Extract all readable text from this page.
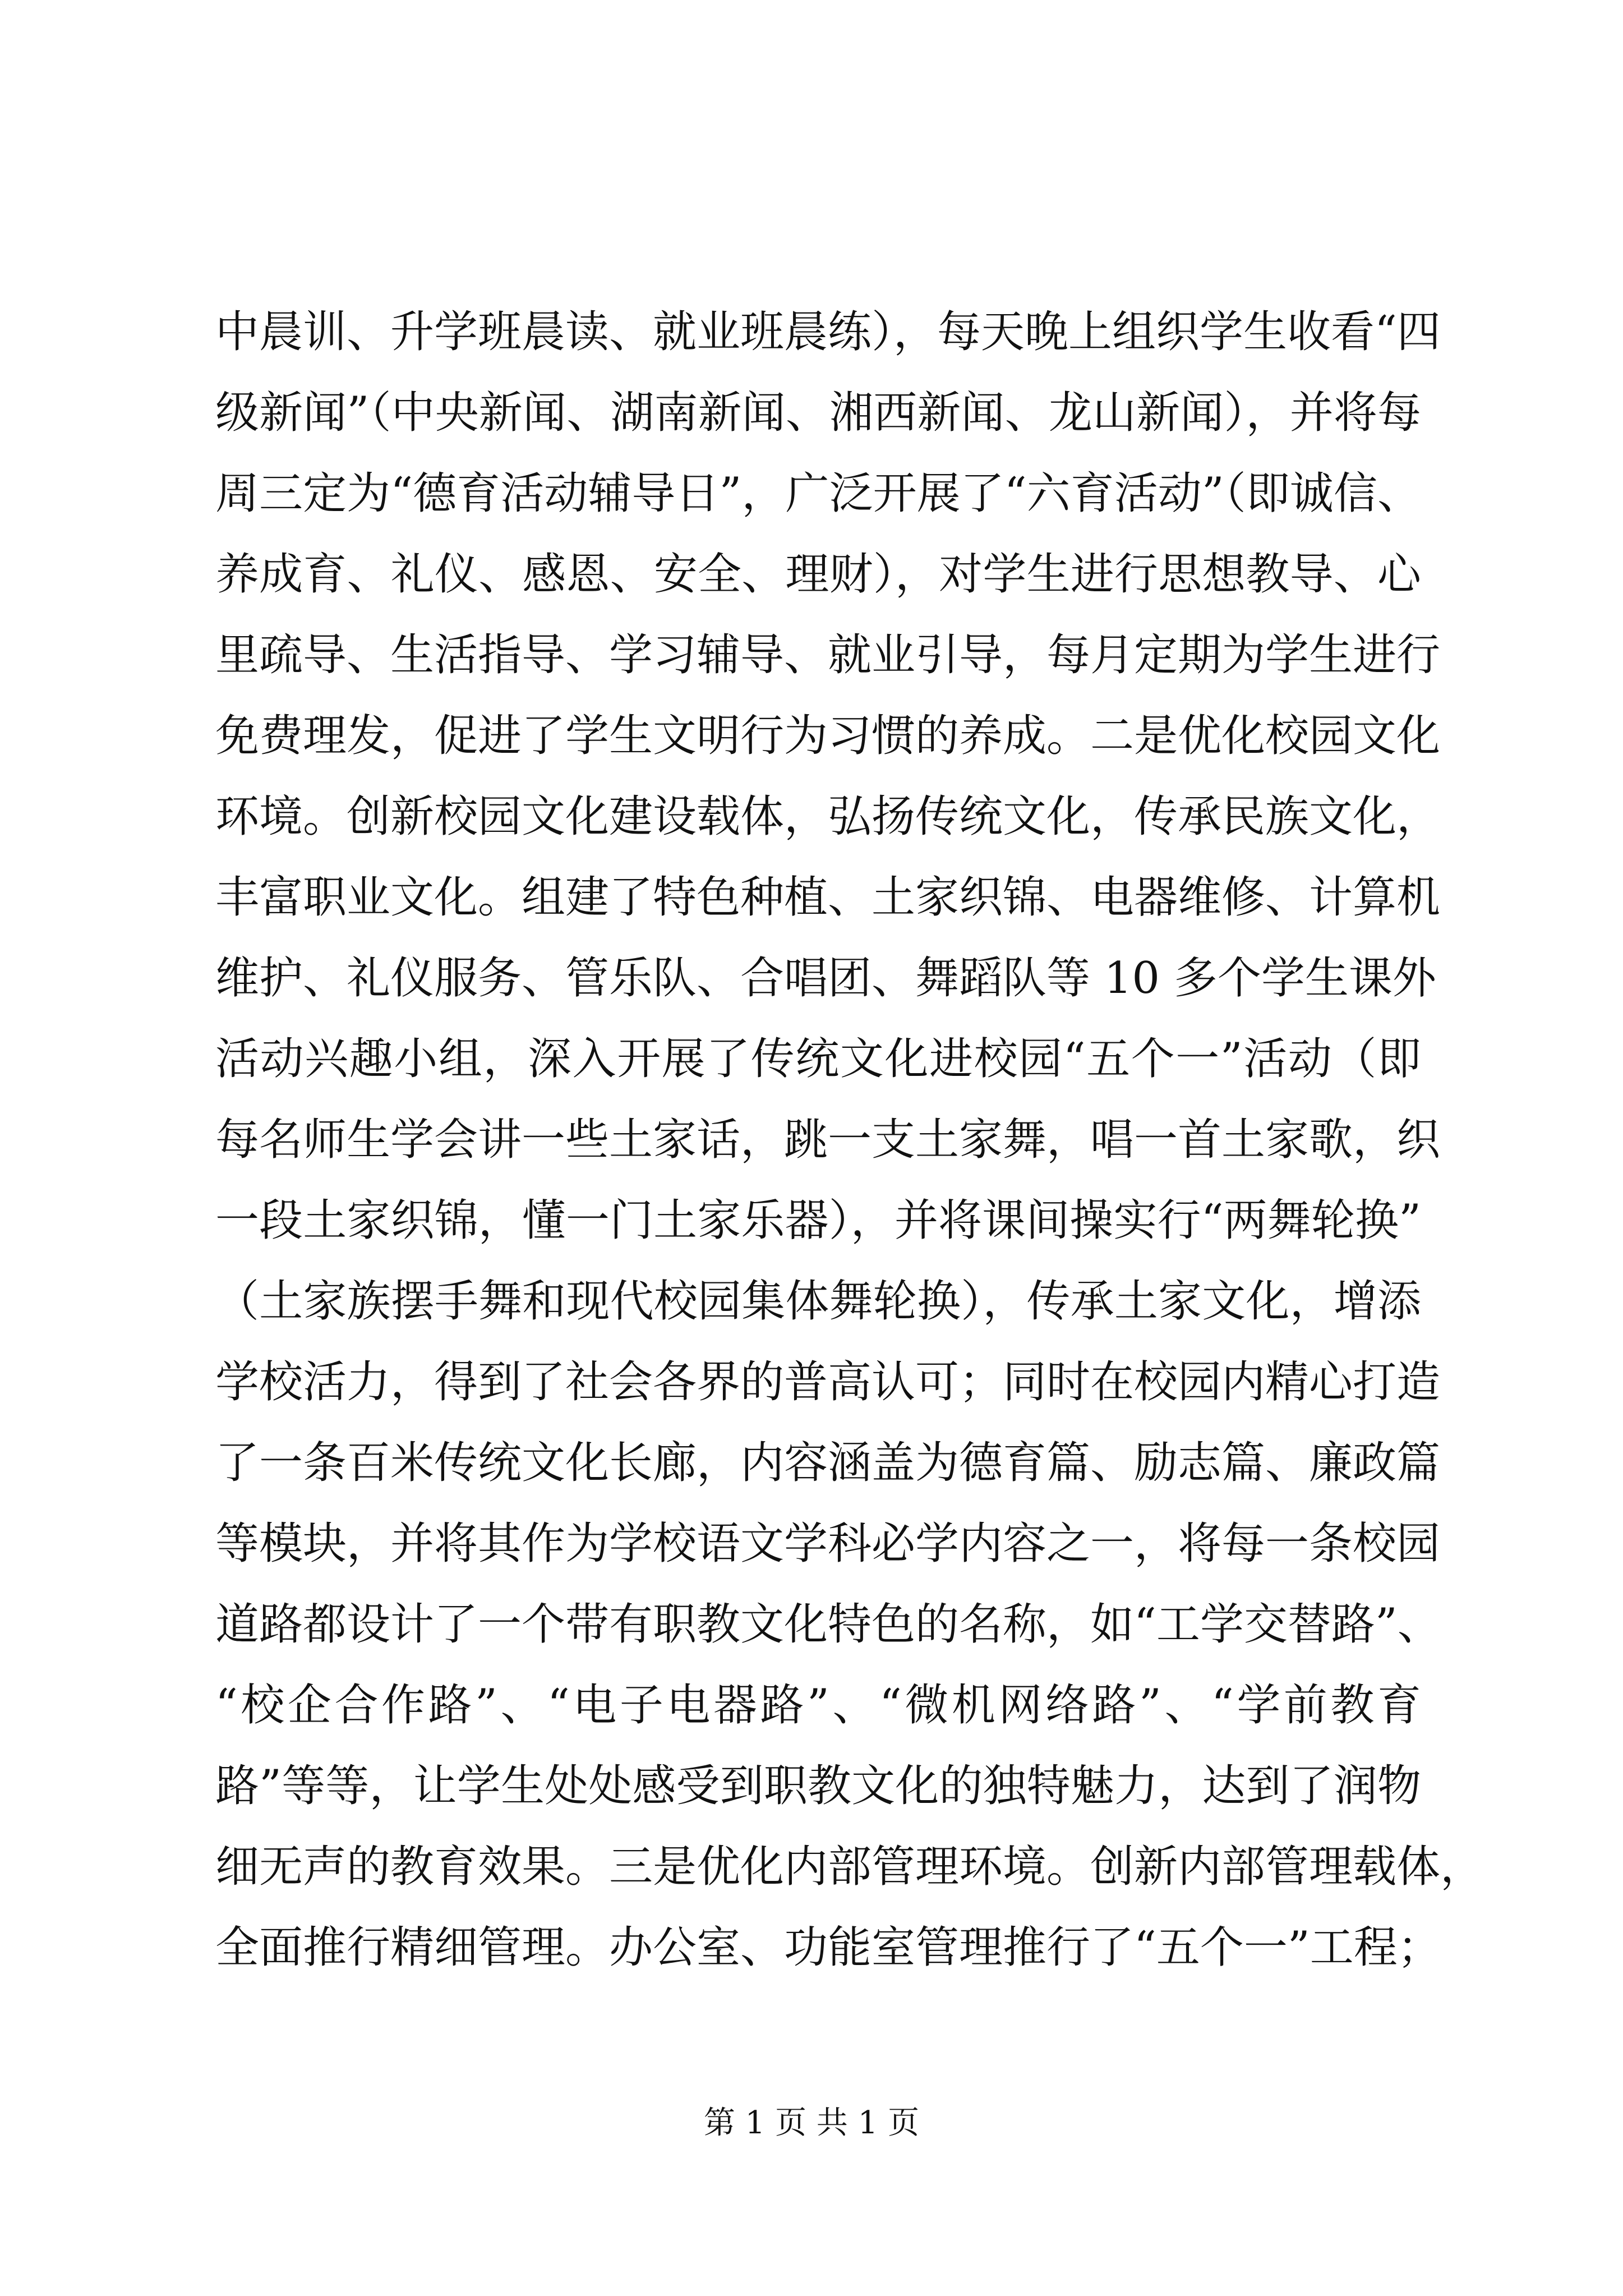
中晨训、升学班晨读、就业班晨练），每天晚上组织学生收看“四
级新闻”（中央新闻、湖南新闻、湘西新闻、龙山新闻），并将每
周三定为“德育活动辅导日”，广泛开展了“六育活动”（即诚信、
养成育、礼仪、感恩、安全、理财），对学生进行思想教导、心
里疏导、生活指导、学习辅导、就业引导，每月定期为学生进行
免费理发，促进了学生文明行为习惯的养成。二是优化校园文化
环境。创新校园文化建设载体，弘扬传统文化，传承民族文化，
丰富职业文化。组建了特色种植、土家织锦、电器维修、计算机
维护、礼仪服务、管乐队、合唱团、舞蹈队等 10 多个学生课外
活动兴趣小组，深入开展了传统文化进校园“五个一”活动（即
每名师生学会讲一些土家话，跳一支土家舞，唱一首土家歌，织
一段土家织锦，懂一门土家乐器），并将课间操实行“两舞轮换”
（土家族摆手舞和现代校园集体舞轮换），传承土家文化，增添
学校活力，得到了社会各界的普高认可；同时在校园内精心打造
了一条百米传统文化长廊，内容涵盖为德育篇、励志篇、廉政篇
等模块，并将其作为学校语文学科必学内容之一，将每一条校园
道路都设计了一个带有职教文化特色的名称，如“工学交替路”、
“校企合作路”、“电子电器路”、“微机网络路”、“学前教育
路”等等，让学生处处感受到职教文化的独特魅力，达到了润物
细无声的教育效果。三是优化内部管理环境。创新内部管理载体，
全面推行精细管理。办公室、功能室管理推行了“五个一”工程；
第 1 页 共 1 页
